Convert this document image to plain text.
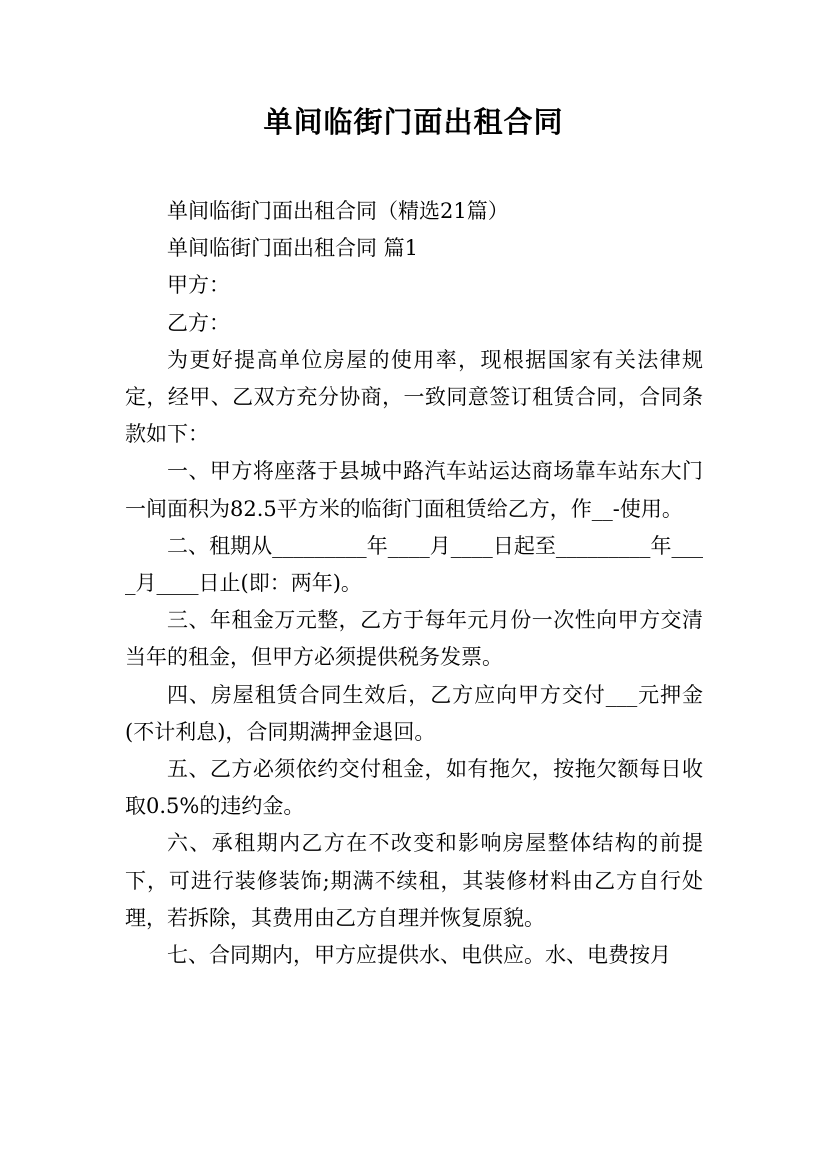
单间临街门面出租合同

单间临街门面出租合同（精选21篇）

单间临街门面出租合同 篇1

甲方：

乙方：

为更好提高单位房屋的使用率，现根据国家有关法律规定，经甲、乙双方充分协商，一致同意签订租赁合同，合同条款如下：

一、甲方将座落于县城中路汽车站运达商场靠车站东大门一间面积为82.5平方米的临街门面租赁给乙方，作__-使用。

二、租期从_________年____月____日起至_________年____月____日止(即：两年)。

三、年租金万元整，乙方于每年元月份一次性向甲方交清当年的租金，但甲方必须提供税务发票。

四、房屋租赁合同生效后，乙方应向甲方交付___元押金(不计利息)，合同期满押金退回。

五、乙方必须依约交付租金，如有拖欠，按拖欠额每日收取0.5%的违约金。

六、承租期内乙方在不改变和影响房屋整体结构的前提下，可进行装修装饰;期满不续租，其装修材料由乙方自行处理，若拆除，其费用由乙方自理并恢复原貌。

七、合同期内，甲方应提供水、电供应。水、电费按月
